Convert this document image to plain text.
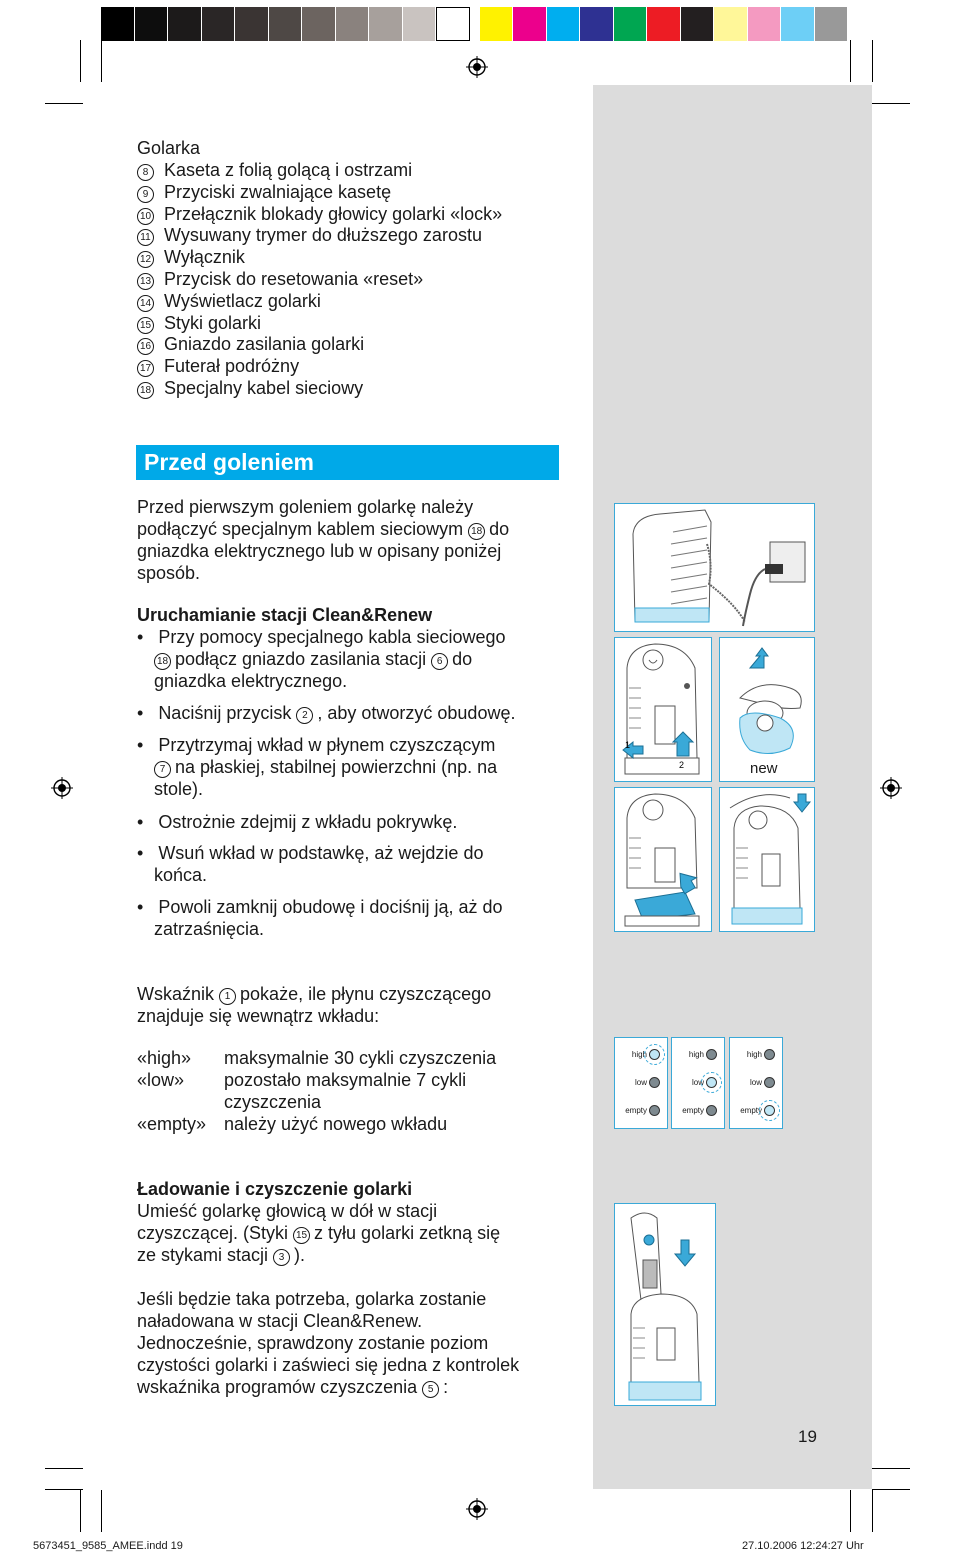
Golarka
8 Kaseta z folią golącą i ostrzami
9 Przyciski zwalniające kasetę
10 Przełącznik blokady głowicy golarki «lock»
11 Wysuwany trymer do dłuższego zarostu
12 Wyłącznik
13 Przycisk do resetowania «reset»
14 Wyświetlacz golarki
15 Styki golarki
16 Gniazdo zasilania golarki
17 Futerał podróżny
18 Specjalny kabel sieciowy
Przed goleniem
Przed pierwszym goleniem golarkę należy
podłączyć specjalnym kablem sieciowym 18 do
gniazdka elektrycznego lub w opisany poniżej
sposób.
Uruchamianie stacji Clean&Renew
•   Przy pomocy specjalnego kabla sieciowego
18 podłącz gniazdo zasilania stacji 6 do
gniazdka elektrycznego.
•   Naciśnij przycisk 2 , aby otworzyć obudowę.
•   Przytrzymaj wkład w płynem czyszczącym
7 na płaskiej, stabilnej powierzchni (np. na
stole).
•   Ostrożnie zdejmij z wkładu pokrywkę.
•   Wsuń wkład w podstawkę, aż wejdzie do
końca.
•   Powoli zamknij obudowę i dociśnij ją, aż do
zatrzaśnięcia.
Wskaźnik 1 pokaże, ile płynu czyszczącego
znajduje się wewnątrz wkładu:
«high» maksymalnie 30 cykli czyszczenia
«low» pozostało maksymalnie 7 cykli
czyszczenia
«empty» należy użyć nowego wkładu
Ładowanie i czyszczenie golarki
Umieść golarkę głowicą w dół w stacji
czyszczącej. (Styki 15 z tyłu golarki zetkną się
ze stykami stacji 3 ).
Jeśli będzie taka potrzeba, golarka zostanie
naładowana w stacji Clean&Renew.
Jednocześnie, sprawdzony zostanie poziom
czystości golarki i zaświeci się jedna z kontrolek
wskaźnika programów czyszczenia 5 :
1
2	new
high
low
empty
high
low
empty
high
low
empty
19
5673451_9585_AMEE.indd 19	27.10.2006 12:24:27 Uhr
